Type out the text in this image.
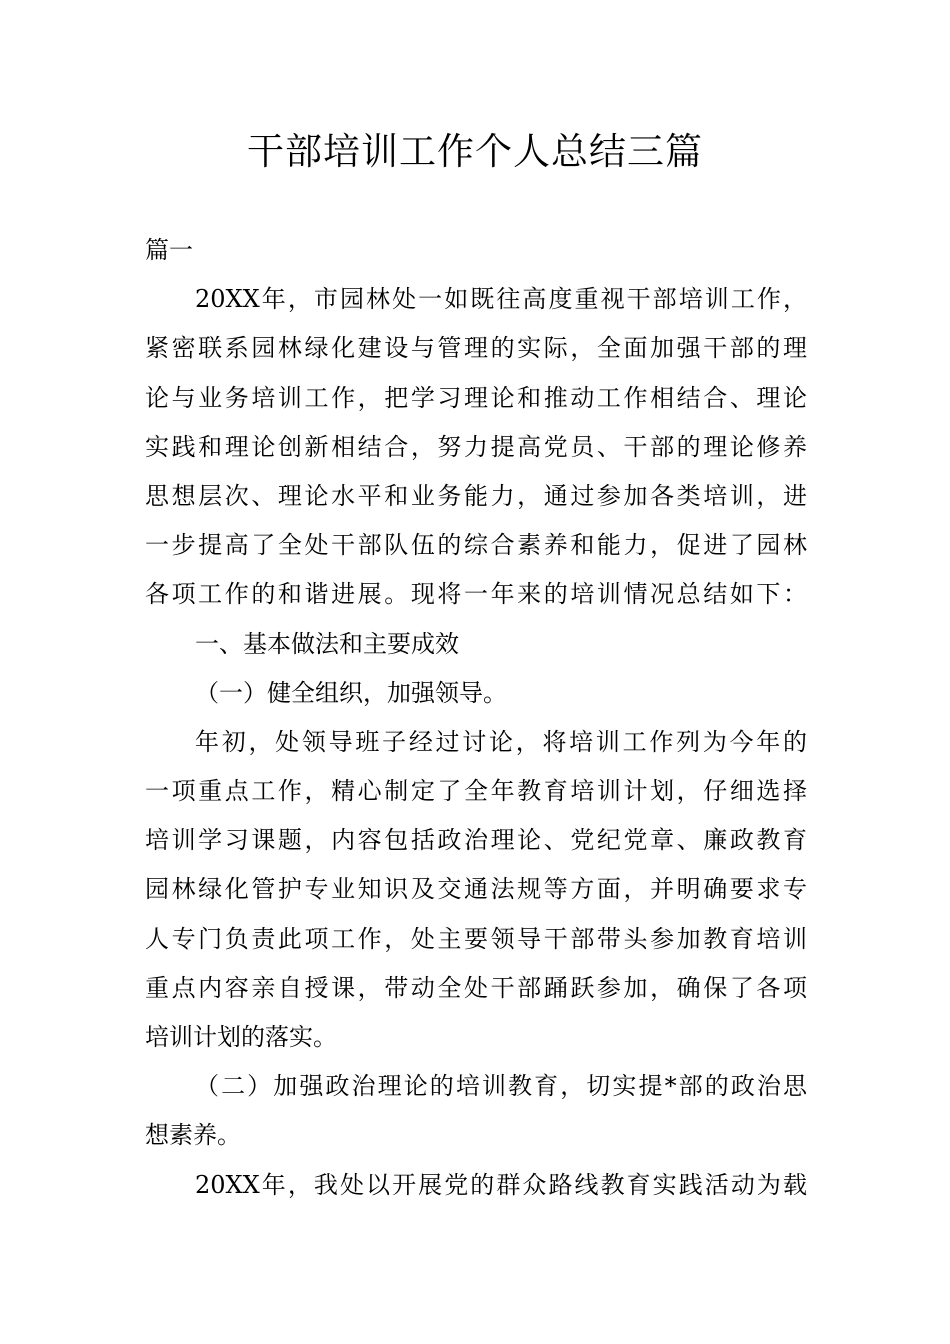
干部培训工作个人总结三篇
篇一
20XX年，市园林处一如既往高度重视干部培训工作，
紧密联系园林绿化建设与管理的实际，全面加强干部的理
论与业务培训工作，把学习理论和推动工作相结合、理论
实践和理论创新相结合，努力提高党员、干部的理论修养
思想层次、理论水平和业务能力，通过参加各类培训，进
一步提高了全处干部队伍的综合素养和能力，促进了园林
各项工作的和谐进展。现将一年来的培训情况总结如下：
一、基本做法和主要成效
（一）健全组织，加强领导。
年初，处领导班子经过讨论，将培训工作列为今年的
一项重点工作，精心制定了全年教育培训计划，仔细选择
培训学习课题，内容包括政治理论、党纪党章、廉政教育
园林绿化管护专业知识及交通法规等方面，并明确要求专
人专门负责此项工作，处主要领导干部带头参加教育培训
重点内容亲自授课，带动全处干部踊跃参加，确保了各项
培训计划的落实。
（二）加强政治理论的培训教育，切实提*部的政治思
想素养。
20XX年，我处以开展党的群众路线教育实践活动为载
